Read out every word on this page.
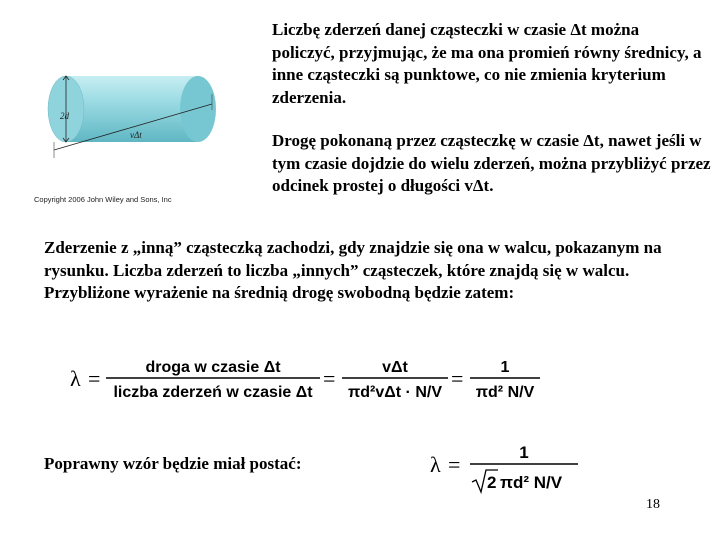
2d
vΔt
Copyright 2006 John Wiley and Sons, Inc

Liczbę zderzeń danej cząsteczki w czasie Δt można policzyć, przyjmując, że ma ona promień równy średnicy, a inne cząsteczki są punktowe, co nie zmienia kryterium zderzenia.

Drogę pokonaną przez cząsteczkę w czasie Δt, nawet jeśli w tym czasie dojdzie do wielu zderzeń, można przybliżyć przez odcinek prostej o długości vΔt.

Zderzenie z „inną” cząsteczką zachodzi, gdy znajdzie się ona w walcu, pokazanym na rysunku. Liczba zderzeń to liczba „innych” cząsteczek, które znajdą się w walcu. Przybliżone wyrażenie na średnią drogę swobodną będzie zatem:

λ =	droga w czasie Δt
liczba zderzeń w czasie Δt
=	vΔt
πd²vΔt · N/V
= 1
πd² N/V

Poprawny wzór będzie miał postać:	λ =	1
2 πd² N/V
18
